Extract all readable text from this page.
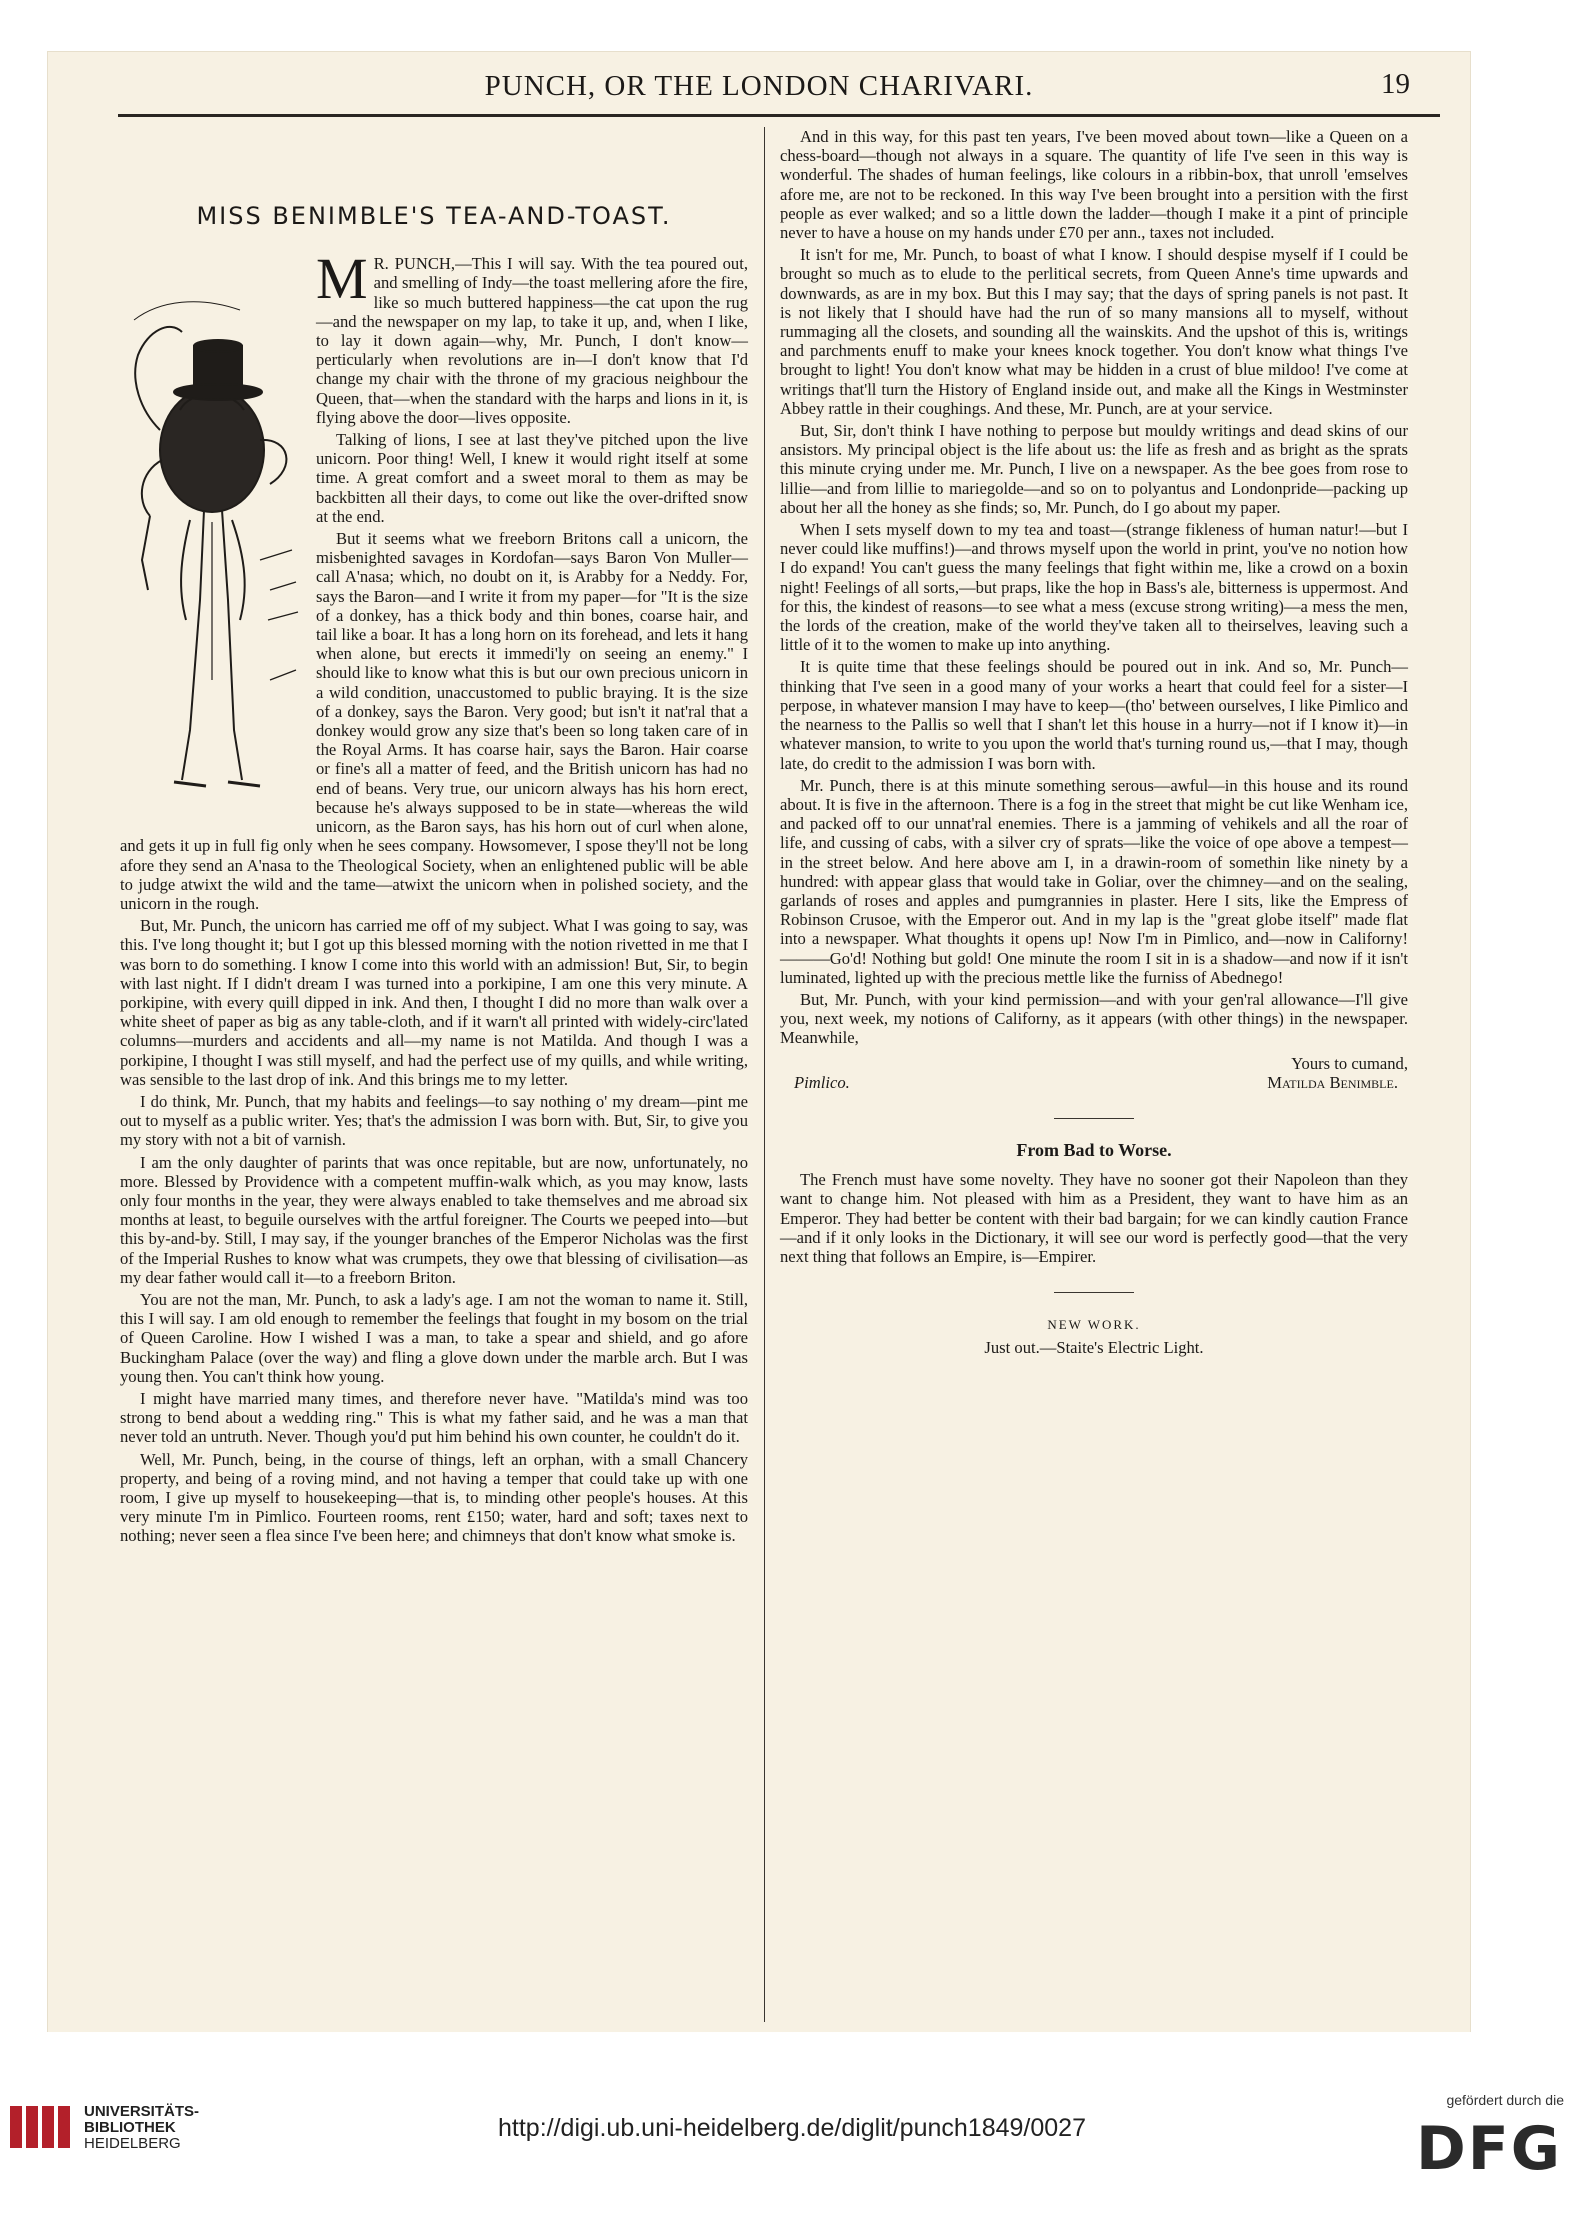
PUNCH, OR THE LONDON CHARIVARI.	19
MISS BENIMBLE'S TEA-AND-TOAST.
M R. PUNCH,—This I will say. With the tea poured out, and smelling of Indy—the toast mellering afore the fire, like so much buttered happiness—the cat upon the rug—and the newspaper on my lap, to take it up, and, when I like, to lay it down again—why, Mr. Punch, I don't know—perticularly when revolutions are in—I don't know that I'd change my chair with the throne of my gracious neighbour the Queen, that—when the standard with the harps and lions in it, is flying above the door—lives opposite.

Talking of lions, I see at last they've pitched upon the live unicorn. Poor thing! Well, I knew it would right itself at some time. A great comfort and a sweet moral to them as may be backbitten all their days, to come out like the over-drifted snow at the end.

But it seems what we freeborn Britons call a unicorn, the misbenighted savages in Kordofan—says Baron Von Muller—call A'nasa; which, no doubt on it, is Arabby for a Neddy. For, says the Baron—and I write it from my paper—for "It is the size of a donkey, has a thick body and thin bones, coarse hair, and tail like a boar. It has a long horn on its forehead, and lets it hang when alone, but erects it immedi'ly on seeing an enemy." I should like to know what this is but our own precious unicorn in a wild condition, unaccustomed to public braying. It is the size of a donkey, says the Baron. Very good; but isn't it nat'ral that a donkey would grow any size that's been so long taken care of in the Royal Arms. It has coarse hair, says the Baron. Hair coarse or fine's all a matter of feed, and the British unicorn has had no end of beans. Very true, our unicorn always has his horn erect, because he's always supposed to be in state—whereas the wild unicorn, as the Baron says, has his horn out of curl when alone, and gets it up in full fig only when he sees company. Howsomever, I spose they'll not be long afore they send an A'nasa to the Theological Society, when an enlightened public will be able to judge atwixt the wild and the tame—atwixt the unicorn when in polished society, and the unicorn in the rough.

But, Mr. Punch, the unicorn has carried me off of my subject. What I was going to say, was this. I've long thought it; but I got up this blessed morning with the notion rivetted in me that I was born to do something. I know I come into this world with an admission! But, Sir, to begin with last night. If I didn't dream I was turned into a porkipine, I am one this very minute. A porkipine, with every quill dipped in ink. And then, I thought I did no more than walk over a white sheet of paper as big as any table-cloth, and if it warn't all printed with widely-circ'lated columns—murders and accidents and all—my name is not Matilda. And though I was a porkipine, I thought I was still myself, and had the perfect use of my quills, and while writing, was sensible to the last drop of ink. And this brings me to my letter.

I do think, Mr. Punch, that my habits and feelings—to say nothing o' my dream—pint me out to myself as a public writer. Yes; that's the admission I was born with. But, Sir, to give you my story with not a bit of varnish.

I am the only daughter of parints that was once repitable, but are now, unfortunately, no more. Blessed by Providence with a competent muffin-walk which, as you may know, lasts only four months in the year, they were always enabled to take themselves and me abroad six months at least, to beguile ourselves with the artful foreigner. The Courts we peeped into—but this by-and-by. Still, I may say, if the younger branches of the Emperor Nicholas was the first of the Imperial Rushes to know what was crumpets, they owe that blessing of civilisation—as my dear father would call it—to a freeborn Briton.

You are not the man, Mr. Punch, to ask a lady's age. I am not the woman to name it. Still, this I will say. I am old enough to remember the feelings that fought in my bosom on the trial of Queen Caroline. How I wished I was a man, to take a spear and shield, and go afore Buckingham Palace (over the way) and fling a glove down under the marble arch. But I was young then. You can't think how young.

I might have married many times, and therefore never have. "Matilda's mind was too strong to bend about a wedding ring." This is what my father said, and he was a man that never told an untruth. Never. Though you'd put him behind his own counter, he couldn't do it.

Well, Mr. Punch, being, in the course of things, left an orphan, with a small Chancery property, and being of a roving mind, and not having a temper that could take up with one room, I give up myself to housekeeping—that is, to minding other people's houses. At this very minute I'm in Pimlico. Fourteen rooms, rent £150; water, hard and soft; taxes next to nothing; never seen a flea since I've been here; and chimneys that don't know what smoke is.

And in this way, for this past ten years, I've been moved about town—like a Queen on a chess-board—though not always in a square. The quantity of life I've seen in this way is wonderful. The shades of human feelings, like colours in a ribbin-box, that unroll 'emselves afore me, are not to be reckoned. In this way I've been brought into a persition with the first people as ever walked; and so a little down the ladder—though I make it a pint of principle never to have a house on my hands under £70 per ann., taxes not included.

It isn't for me, Mr. Punch, to boast of what I know. I should despise myself if I could be brought so much as to elude to the perlitical secrets, from Queen Anne's time upwards and downwards, as are in my box. But this I may say; that the days of spring panels is not past. It is not likely that I should have had the run of so many mansions all to myself, without rummaging all the closets, and sounding all the wainskits. And the upshot of this is, writings and parchments enuff to make your knees knock together. You don't know what things I've brought to light! You don't know what may be hidden in a crust of blue mildoo! I've come at writings that'll turn the History of England inside out, and make all the Kings in Westminster Abbey rattle in their coughings. And these, Mr. Punch, are at your service.

But, Sir, don't think I have nothing to perpose but mouldy writings and dead skins of our ansistors. My principal object is the life about us: the life as fresh and as bright as the sprats this minute crying under me. Mr. Punch, I live on a newspaper. As the bee goes from rose to lillie—and from lillie to mariegolde—and so on to polyantus and Londonpride—packing up about her all the honey as she finds; so, Mr. Punch, do I go about my paper.

When I sets myself down to my tea and toast—(strange fikleness of human natur!—but I never could like muffins!)—and throws myself upon the world in print, you've no notion how I do expand! You can't guess the many feelings that fight within me, like a crowd on a boxin night! Feelings of all sorts,—but praps, like the hop in Bass's ale, bitterness is uppermost. And for this, the kindest of reasons—to see what a mess (excuse strong writing)—a mess the men, the lords of the creation, make of the world they've taken all to theirselves, leaving such a little of it to the women to make up into anything.

It is quite time that these feelings should be poured out in ink. And so, Mr. Punch—thinking that I've seen in a good many of your works a heart that could feel for a sister—I perpose, in whatever mansion I may have to keep—(tho' between ourselves, I like Pimlico and the nearness to the Pallis so well that I shan't let this house in a hurry—not if I know it)—in whatever mansion, to write to you upon the world that's turning round us,—that I may, though late, do credit to the admission I was born with.

Mr. Punch, there is at this minute something serous—awful—in this house and its round about. It is five in the afternoon. There is a fog in the street that might be cut like Wenham ice, and packed off to our unnat'ral enemies. There is a jamming of vehikels and all the roar of life, and cussing of cabs, with a silver cry of sprats—like the voice of ope above a tempest—in the street below. And here above am I, in a drawin-room of somethin like ninety by a hundred: with appear glass that would take in Goliar, over the chimney—and on the sealing, garlands of roses and apples and pumgrannies in plaster. Here I sits, like the Empress of Robinson Crusoe, with the Emperor out. And in my lap is the "great globe itself" made flat into a newspaper. What thoughts it opens up! Now I'm in Pimlico, and—now in Californy!———Go'd! Nothing but gold! One minute the room I sit in is a shadow—and now if it isn't luminated, lighted up with the precious mettle like the furniss of Abednego!

But, Mr. Punch, with your kind permission—and with your gen'ral allowance—I'll give you, next week, my notions of Californy, as it appears (with other things) in the newspaper. Meanwhile,

Yours to cumand,

Pimlico.	Matilda Benimble.

From Bad to Worse.

The French must have some novelty. They have no sooner got their Napoleon than they want to change him. Not pleased with him as a President, they want to have him as an Emperor. They had better be content with their bad bargain; for we can kindly caution France—and if it only looks in the Dictionary, it will see our word is perfectly good—that the very next thing that follows an Empire, is—Empirer.

NEW WORK.

Just out.—Staite's Electric Light.

UNIVERSITÄTS-
BIBLIOTHEK
HEIDELBERG
http://digi.ub.uni-heidelberg.de/diglit/punch1849/0027
gefördert durch die
DFG
